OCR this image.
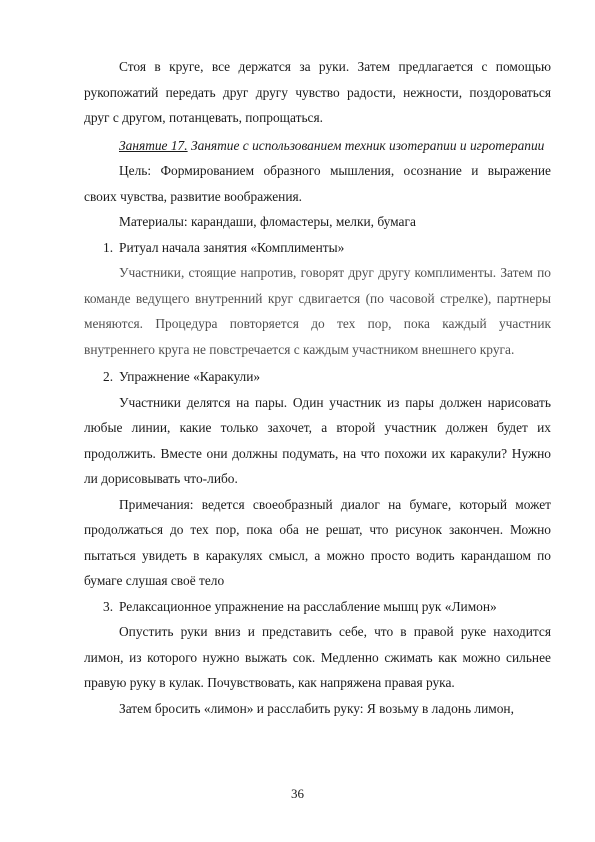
Стоя в круге, все держатся за руки. Затем предлагается с помощью рукопожатий передать друг другу чувство радости, нежности, поздороваться друг с другом, потанцевать, попрощаться.

Занятие 17. Занятие с использованием техник изотерапии и игротерапии

Цель: Формированием образного мышления, осознание и выражение своих чувства, развитие воображения.

Материалы: карандаши, фломастеры, мелки, бумага

1. Ритуал начала занятия «Комплименты»

Участники, стоящие напротив, говорят друг другу комплименты. Затем по команде ведущего внутренний круг сдвигается (по часовой стрелке), партнеры меняются. Процедура повторяется до тех пор, пока каждый участник внутреннего круга не повстречается с каждым участником внешнего круга.

2. Упражнение «Каракули»

Участники делятся на пары. Один участник из пары должен нарисовать любые линии, какие только захочет, а второй участник должен будет их продолжить. Вместе они должны подумать, на что похожи их каракули? Нужно ли дорисовывать что-либо.

Примечания: ведется своеобразный диалог на бумаге, который может продолжаться до тех пор, пока оба не решат, что рисунок закончен. Можно пытаться увидеть в каракулях смысл, а можно просто водить карандашом по бумаге слушая своё тело

3. Релаксационное упражнение на расслабление мышц рук «Лимон»

Опустить руки вниз и представить себе, что в правой руке находится лимон, из которого нужно выжать сок. Медленно сжимать как можно сильнее правую руку в кулак. Почувствовать, как напряжена правая рука.

Затем бросить «лимон» и расслабить руку: Я возьму в ладонь лимон,

36
